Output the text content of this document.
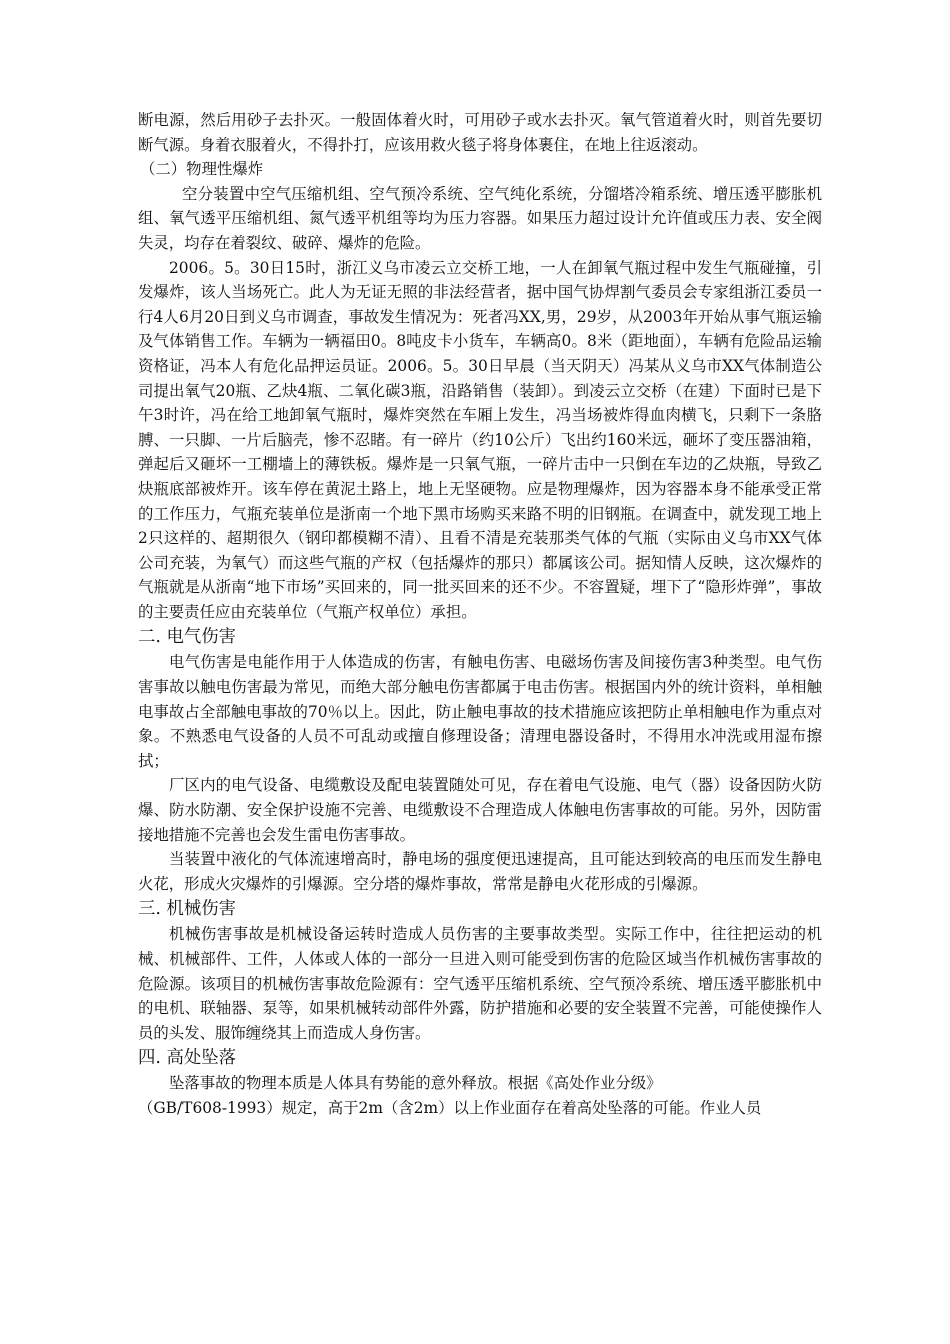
断电源，然后用砂子去扑灭。一般固体着火时，可用砂子或水去扑灭。氧气管道着火时，则首先要切断气源。身着衣服着火，不得扑打，应该用救火毯子将身体裹住，在地上往返滚动。

（二）物理性爆炸

空分装置中空气压缩机组、空气预冷系统、空气纯化系统，分馏塔冷箱系统、增压透平膨胀机组、氧气透平压缩机组、氮气透平机组等均为压力容器。如果压力超过设计允许值或压力表、安全阀失灵，均存在着裂纹、破碎、爆炸的危险。

2006。5。30日15时，浙江义乌市凌云立交桥工地，一人在卸氧气瓶过程中发生气瓶碰撞，引发爆炸，该人当场死亡。此人为无证无照的非法经营者，据中国气协焊割气委员会专家组浙江委员一行4人6月20日到义乌市调查，事故发生情况为：死者冯XX,男，29岁，从2003年开始从事气瓶运输及气体销售工作。车辆为一辆福田0。8吨皮卡小货车，车辆高0。8米（距地面），车辆有危险品运输资格证，冯本人有危化品押运员证。2006。5。30日早晨（当天阴天）冯某从义乌市XX气体制造公司提出氧气20瓶、乙炔4瓶、二氧化碳3瓶，沿路销售（装卸）。到凌云立交桥（在建）下面时已是下午3时许，冯在给工地卸氧气瓶时，爆炸突然在车厢上发生，冯当场被炸得血肉横飞，只剩下一条胳膊、一只脚、一片后脑壳，惨不忍睹。有一碎片（约10公斤）飞出约160米远，砸坏了变压器油箱，弹起后又砸坏一工棚墙上的薄铁板。爆炸是一只氧气瓶，一碎片击中一只倒在车边的乙炔瓶，导致乙炔瓶底部被炸开。该车停在黄泥土路上，地上无坚硬物。应是物理爆炸，因为容器本身不能承受正常的工作压力，气瓶充装单位是浙南一个地下黑市场购买来路不明的旧钢瓶。在调查中，就发现工地上2只这样的、超期很久（钢印都模糊不清）、且看不清是充装那类气体的气瓶（实际由义乌市XX气体公司充装，为氧气）而这些气瓶的产权（包括爆炸的那只）都属该公司。据知情人反映，这次爆炸的气瓶就是从浙南“地下市场”买回来的，同一批买回来的还不少。不容置疑，埋下了“隐形炸弹”，事故的主要责任应由充装单位（气瓶产权单位）承担。

二. 电气伤害

电气伤害是电能作用于人体造成的伤害，有触电伤害、电磁场伤害及间接伤害3种类型。电气伤害事故以触电伤害最为常见，而绝大部分触电伤害都属于电击伤害。根据国内外的统计资料，单相触电事故占全部触电事故的70％以上。因此，防止触电事故的技术措施应该把防止单相触电作为重点对象。不熟悉电气设备的人员不可乱动或擅自修理设备；清理电器设备时，不得用水冲洗或用湿布擦拭；

厂区内的电气设备、电缆敷设及配电装置随处可见，存在着电气设施、电气（器）设备因防火防爆、防水防潮、安全保护设施不完善、电缆敷设不合理造成人体触电伤害事故的可能。另外，因防雷接地措施不完善也会发生雷电伤害事故。

当装置中液化的气体流速增高时，静电场的强度便迅速提高，且可能达到较高的电压而发生静电火花，形成火灾爆炸的引爆源。空分塔的爆炸事故，常常是静电火花形成的引爆源。

三. 机械伤害

机械伤害事故是机械设备运转时造成人员伤害的主要事故类型。实际工作中，往往把运动的机械、机械部件、工件，人体或人体的一部分一旦进入则可能受到伤害的危险区域当作机械伤害事故的危险源。该项目的机械伤害事故危险源有：空气透平压缩机系统、空气预冷系统、增压透平膨胀机中的电机、联轴器、泵等，如果机械转动部件外露，防护措施和必要的安全装置不完善，可能使操作人员的头发、服饰缠绕其上而造成人身伤害。

四. 高处坠落

坠落事故的物理本质是人体具有势能的意外释放。根据《高处作业分级》

（GB/T608-1993）规定，高于2m（含2m）以上作业面存在着高处坠落的可能。作业人员
